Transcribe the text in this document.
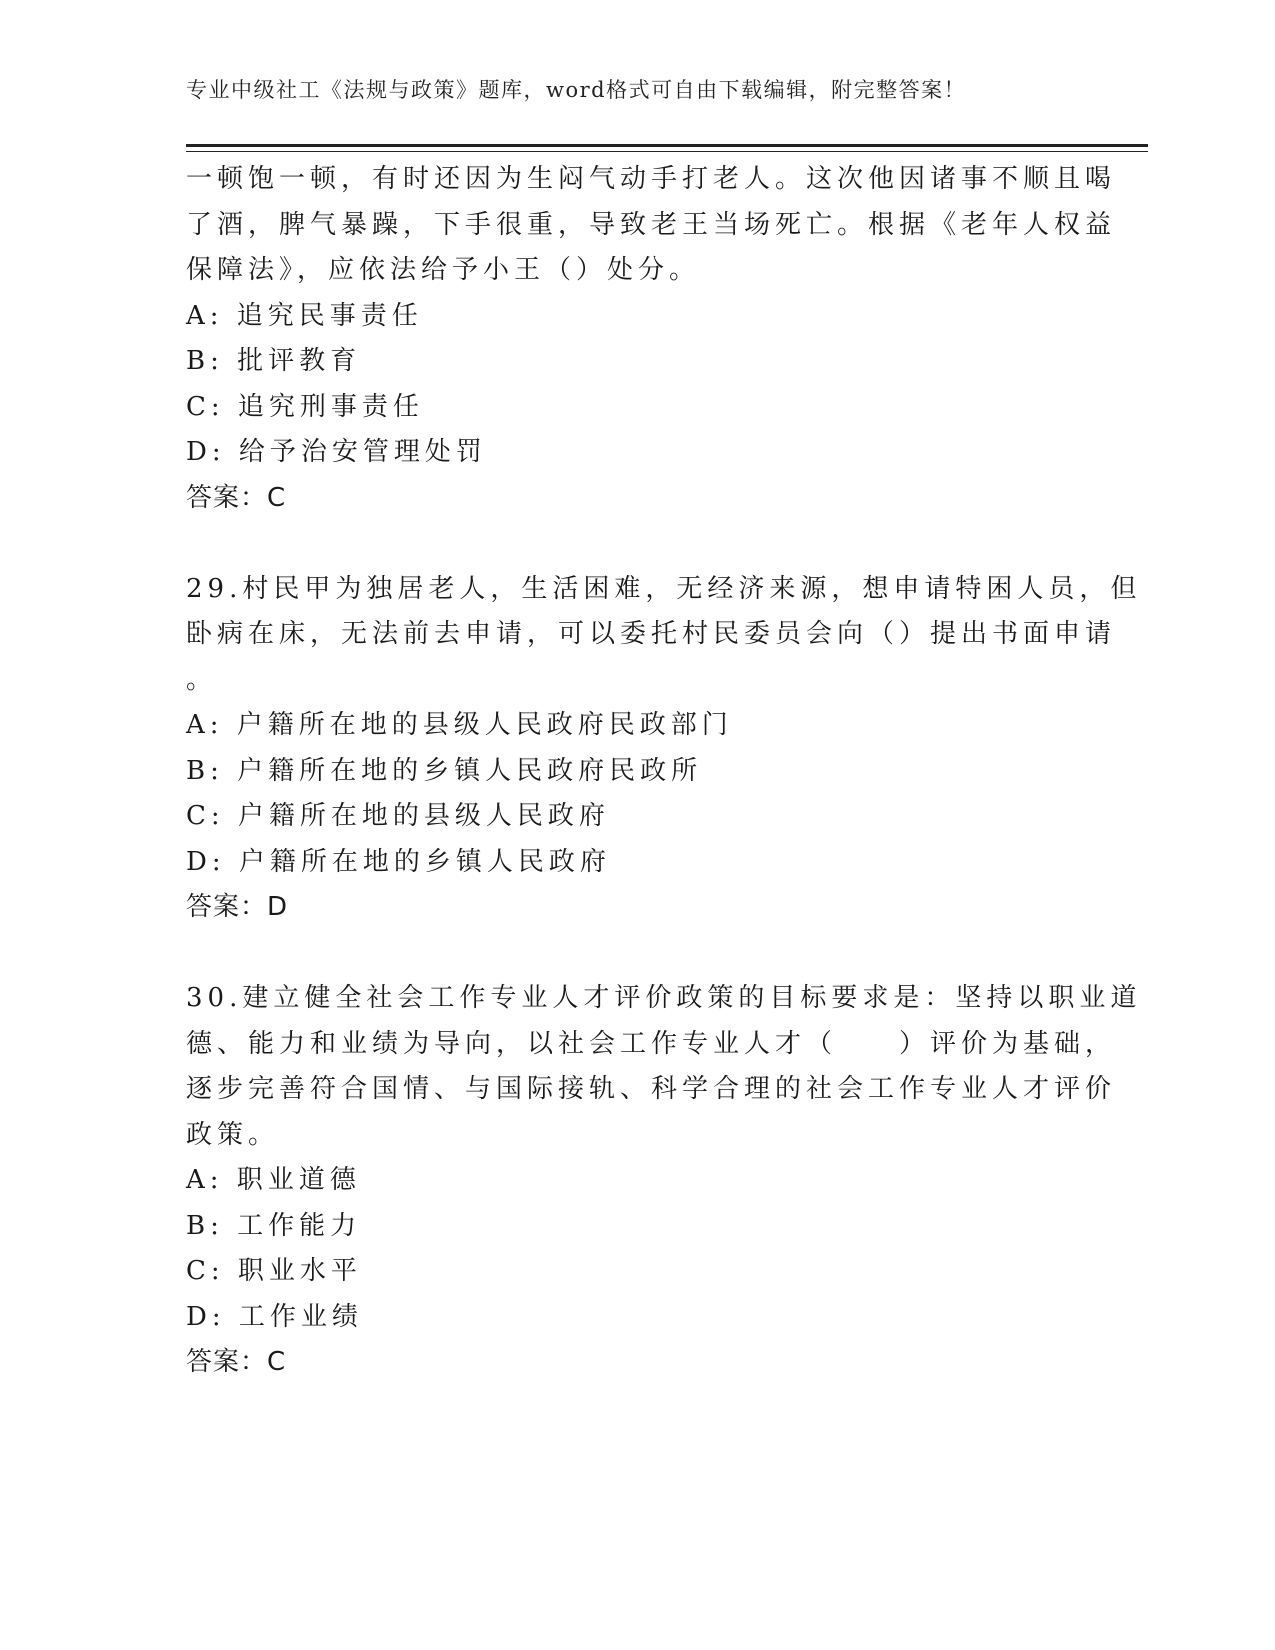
专业中级社工《法规与政策》题库，word格式可自由下载编辑，附完整答案！
一顿饱一顿，有时还因为生闷气动手打老人。这次他因诸事不顺且喝
了酒，脾气暴躁，下手很重，导致老王当场死亡。根据《老年人权益
保障法》，应依法给予小王（）处分。
A: 追究民事责任
B: 批评教育
C: 追究刑事责任
D: 给予治安管理处罚
答案：C
29.村民甲为独居老人，生活困难，无经济来源，想申请特困人员，但
卧病在床，无法前去申请，可以委托村民委员会向（）提出书面申请
。
A: 户籍所在地的县级人民政府民政部门
B: 户籍所在地的乡镇人民政府民政所
C: 户籍所在地的县级人民政府
D: 户籍所在地的乡镇人民政府
答案：D
30.建立健全社会工作专业人才评价政策的目标要求是：坚持以职业道
德、能力和业绩为导向，以社会工作专业人才（　　）评价为基础，
逐步完善符合国情、与国际接轨、科学合理的社会工作专业人才评价
政策。
A: 职业道德
B: 工作能力
C: 职业水平
D: 工作业绩
答案：C
